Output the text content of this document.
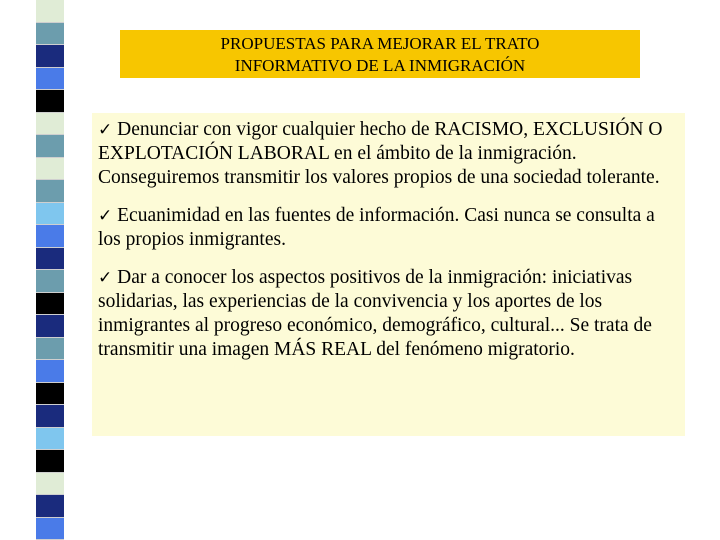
PROPUESTAS PARA MEJORAR EL TRATO
INFORMATIVO DE LA INMIGRACIÓN

✓ Denunciar con vigor cualquier hecho de RACISMO, EXCLUSIÓN O EXPLOTACIÓN LABORAL en el ámbito de la inmigración. Conseguiremos transmitir los valores propios de una sociedad tolerante.

✓ Ecuanimidad en las fuentes de información. Casi nunca se consulta a los propios inmigrantes.

✓ Dar a conocer los aspectos positivos de la inmigración: iniciativas solidarias, las experiencias de la convivencia y los aportes de los inmigrantes al progreso económico, demográfico, cultural... Se trata de transmitir una imagen MÁS REAL del fenómeno migratorio.
